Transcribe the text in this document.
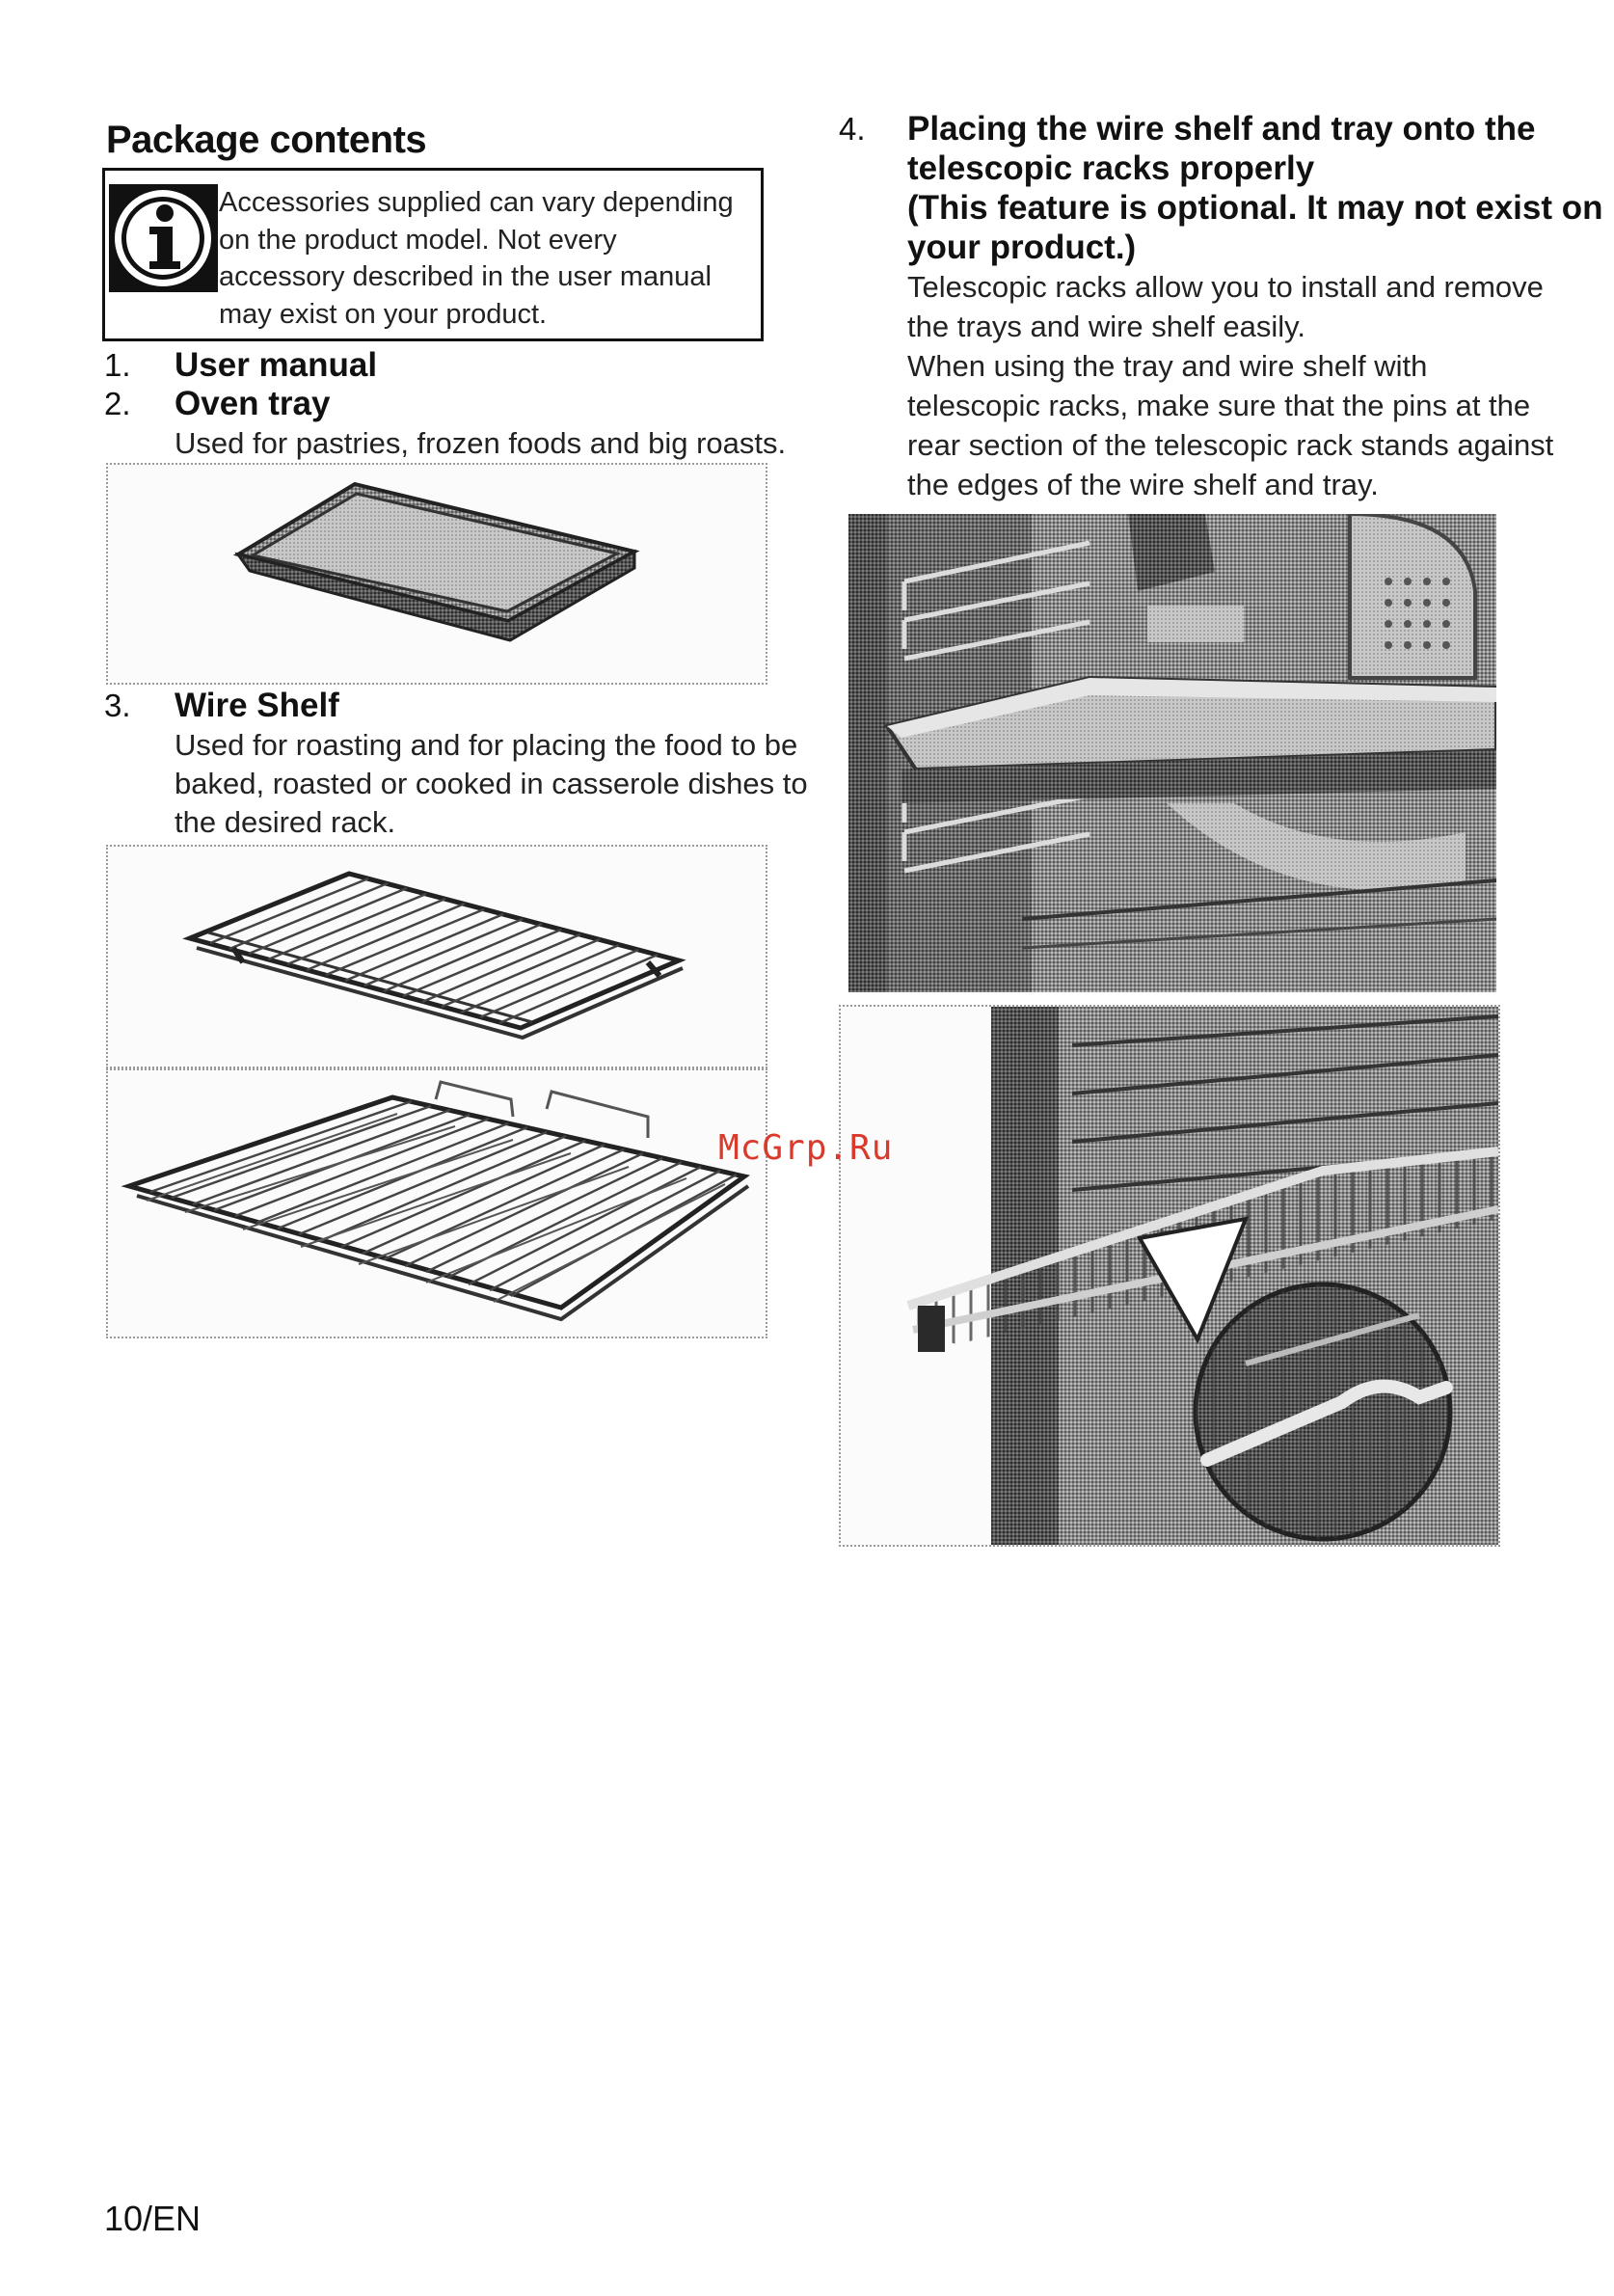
Package contents
Accessories supplied can vary depending on the product model. Not every accessory described in the user manual may exist on your product.
1. User manual
2. Oven tray
Used for pastries, frozen foods and big roasts.
3. Wire Shelf
Used for roasting and for placing the food to be
baked, roasted or cooked in casserole dishes to
the desired rack.
4. Placing the wire shelf and tray onto the
telescopic racks properly
(This feature is optional. It may not exist on
your product.)
Telescopic racks allow you to install and remove
the trays and wire shelf easily.
When using the tray and wire shelf with
telescopic racks, make sure that the pins at the
rear section of the telescopic rack stands against
the edges of the wire shelf and tray.
McGrp.Ru
10/EN
